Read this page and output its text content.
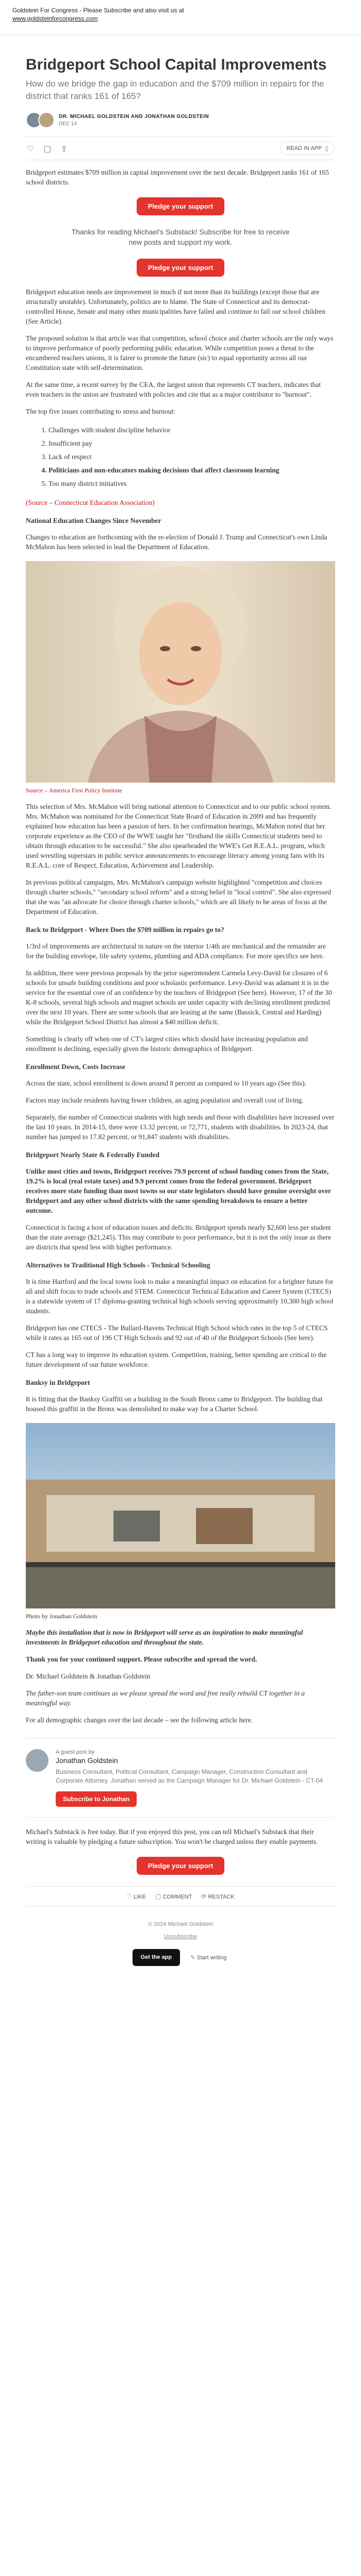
Goldstein For Congress - Please Subscribe and also visit us at
www.goldsteinforcongress.com
Bridgeport School Capital Improvements
How do we bridge the gap in education and the $709 million in repairs for the district that ranks 161 of 165?
DR. MICHAEL GOLDSTEIN AND JONATHAN GOLDSTEIN
DEC 14
♡ ▢ ⇪	READ IN APP ▯

Bridgeport estimates $709 million in capital improvement over the next decade. Bridgeport ranks 161 of 165 school districts.

Pledge your support
Thanks for reading Michael's Substack! Subscribe for free to receive new posts and support my work.
Pledge your support

Bridgeport education needs are improvement in much if not more than its buildings (except those that are structurally unstable). Unfortunately, politics are to blame. The State of Connecticut and its democrat-controlled House, Senate and many other municipalities have failed and continue to fail our school children (See Article).

The proposed solution is that article was that competition, school choice and charter schools are the only ways to improve performance of poorly performing public education. While competition poses a threat to the encumbered teachers unions, it is fairer to promote the future (sic) to equal opportunity across all our Constitution state with self-determination.

At the same time, a recent survey by the CEA, the largest union that represents CT teachers, indicates that even teachers in the union are frustrated with policies and cite that as a major contributor to "burnout".

The top five issues contributing to stress and burnout:

1. Challenges with student discipline behavior
2. Insufficient pay
3. Lack of respect
4. Politicians and non-educators making decisions that affect classroom learning
5. Too many district initiatives

(Source – Connecticut Education Association)

National Education Changes Since November

Changes to education are forthcoming with the re-election of Donald J. Trump and Connecticut's own Linda McMahon has been selected to lead the Department of Education.

Source – America First Policy Institute

This selection of Mrs. McMahon will bring national attention to Connecticut and to our public school system. Mrs. McMahon was nominated for the Connecticut State Board of Education in 2009 and has frequently explained how education has been a passion of hers. In her confirmation hearings, McMahon noted that her corporate experience as the CEO of the WWE taught her "firsthand the skills Connecticut students need to obtain through education to be successful." She also spearheaded the WWE's Get R.E.A.L. program, which used wrestling superstars in public service announcements to encourage literacy among young fans with its R.E.A.L. core of Respect, Education, Achievement and Leadership.

In previous political campaigns, Mrs. McMahon's campaign website highlighted "competition and choices through charter schools," "secondary school reform" and a strong belief in "local control". She also expressed that she was "an advocate for choice through charter schools," which are all likely to be areas of focus at the Department of Education.

Back to Bridgeport - Where Does the $709 million in repairs go to?

1/3rd of improvements are architectural in nature on the interior 1/4th are mechanical and the remainder are for the building envelope, life safety systems, plumbing and ADA compliance. For more specifics see here.

In addition, there were previous proposals by the prior superintendent Carmela Levy-David for closures of 6 schools for unsafe building conditions and poor scholastic performance. Levy-David was adamant it is in the service for the essential core of an confidence by the teachers of Bridgeport (See here). However, 17 of the 30 K-8 schools, several high schools and magnet schools are under capacity with declining enrollment predicted over the next 10 years. There are some schools that are leasing at the same (Bassick, Central and Harding) while the Bridgeport School District has almost a $40 million deficit.

Something is clearly off when one of CT's largest cities which should have increasing population and enrollment is declining, especially given the historic demographics of Bridgeport.

Enrollment Down, Costs Increase

Across the state, school enrollment is down around 8 percent as compared to 10 years ago (See this).

Factors may include residents having fewer children, an aging population and overall cost of living.

Separately, the number of Connecticut students with high needs and those with disabilities have increased over the last 10 years. In 2014-15, there were 13.32 percent, or 72,771, students with disabilities. In 2023-24, that number has jumped to 17.82 percent, or 91,847 students with disabilities.

Bridgeport Nearly State & Federally Funded

Unlike most cities and towns, Bridgeport receives 79.9 percent of school funding comes from the State, 19.2% is local (real estate taxes) and 9.9 percent comes from the federal government. Bridgeport receives more state funding than most towns so our state legislators should have genuine oversight over Bridgeport and any other school districts with the same spending breakdown to ensure a better outcome.

Connecticut is facing a host of education issues and deficits. Bridgeport spends nearly $2,600 less per student than the state average ($21,245). This may contribute to poor performance, but it is not the only issue as there are districts that spend less with higher performance.

Alternatives to Traditional High Schools - Technical Schooling

It is time Hartford and the local towns look to make a meaningful impact on education for a brighter future for all and shift focus to trade schools and STEM. Connecticut Technical Education and Career System (CTECS) is a statewide system of 17 diploma-granting technical high schools serving approximately 10,300 high school students.

Bridgeport has one CTECS - The Bullard-Havens Technical High School which rates in the top 5 of CTECS while it rates as 165 out of 196 CT High Schools and 92 out of 40 of the Bridgeport Schools (See here).

CT has a long way to improve its education system. Competition, training, better spending are critical to the future development of our future workforce.

Banksy in Bridgeport

It is fitting that the Banksy Graffiti on a building in the South Bronx came to Bridgeport. The building that housed this graffiti in the Bronx was demolished to make way for a Charter School.

Photo by Jonathan Goldstein

Maybe this installation that is now in Bridgeport will serve as an inspiration to make meaningful investments in Bridgeport education and throughout the state.

Thank you for your continued support. Please subscribe and spread the word.

Dr. Michael Goldstein & Jonathan Goldstein

The father-son team continues as we please spread the word and free really rebuild CT together in a meaningful way.

For all demographic changes over the last decade – see the following article here.

A guest post by
Jonathan Goldstein
Business Consultant, Political Consultant, Campaign Manager, Construction Consultant and Corporate Attorney. Jonathan served as the Campaign Manager for Dr. Michael Goldstein - CT-04
Subscribe to Jonathan
Michael's Substack is free today. But if you enjoyed this post, you can tell Michael's Substack that their writing is valuable by pledging a future subscription. You won't be charged unless they enable payments.
Pledge your support
♡ LIKE ▢ COMMENT ⟳ RESTACK
© 2024 Michael Goldstein
Unsubscribe
Get the app	✎ Start writing
